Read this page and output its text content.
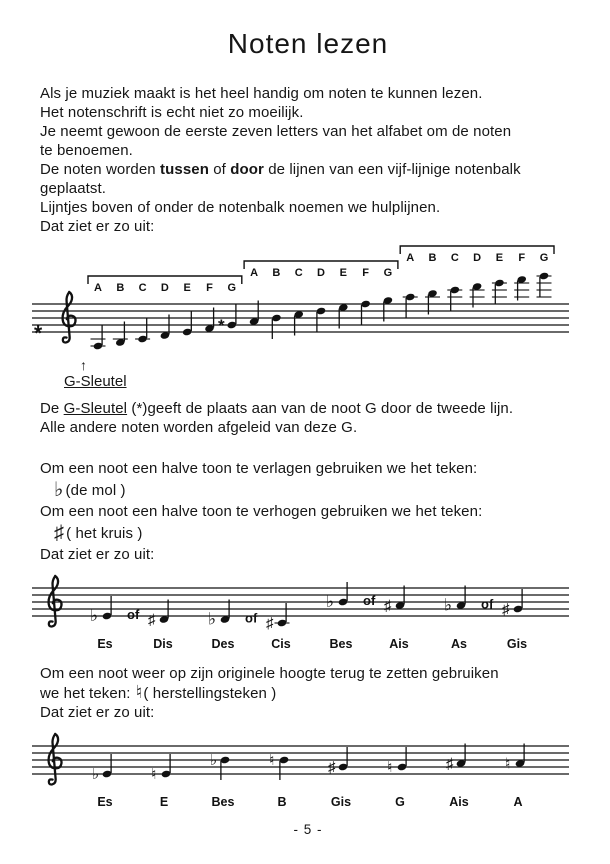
Noten lezen
Als je muziek maakt is het heel handig om noten te kunnen lezen.
Het notenschrift is echt niet zo moeilijk.
Je neemt gewoon de eerste zeven letters van het alfabet om de noten
te benoemen.
De noten worden tussen of door de lijnen van een vijf-lijnige notenbalk
geplaatst.
Lijntjes boven of onder de notenbalk noemen we hulplijnen.
Dat ziet er zo uit:
*
A B C D E F G
A B C D E F G
A B C D E F G
*
↑
G-Sleutel
De G-Sleutel (*)geeft de plaats aan van de noot G door de tweede lijn.
Alle andere noten worden afgeleid van deze G.
Om een noot een halve toon te verlagen gebruiken we het teken:
♭ (de mol )
Om een noot een halve toon te verhogen gebruiken we het teken:
♯ ( het kruis )
Dat ziet er zo uit:
♭ of ♯
Es	Dis
♭ of ♯
Des	Cis
♭ of ♯
Bes	Ais
♭ of ♯
As	Gis
Om een noot weer op zijn originele hoogte terug te zetten gebruiken
we het teken: ♮( herstellingsteken )
Dat ziet er zo uit:
♭
Es
♮
E
♭
Bes
♮
B
♯
Gis
♮
G
♯
Ais
♮
A
- 5 -
